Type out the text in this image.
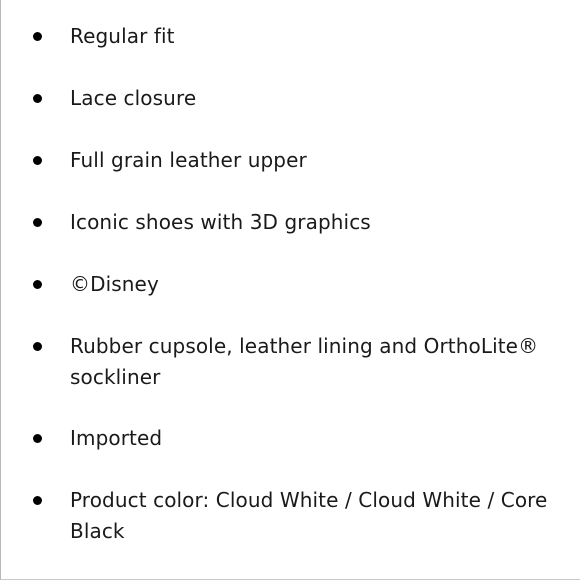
Regular fit
Lace closure
Full grain leather upper
Iconic shoes with 3D graphics
©Disney
Rubber cupsole, leather lining and OrthoLite® sockliner
Imported
Product color: Cloud White / Cloud White / Core Black
